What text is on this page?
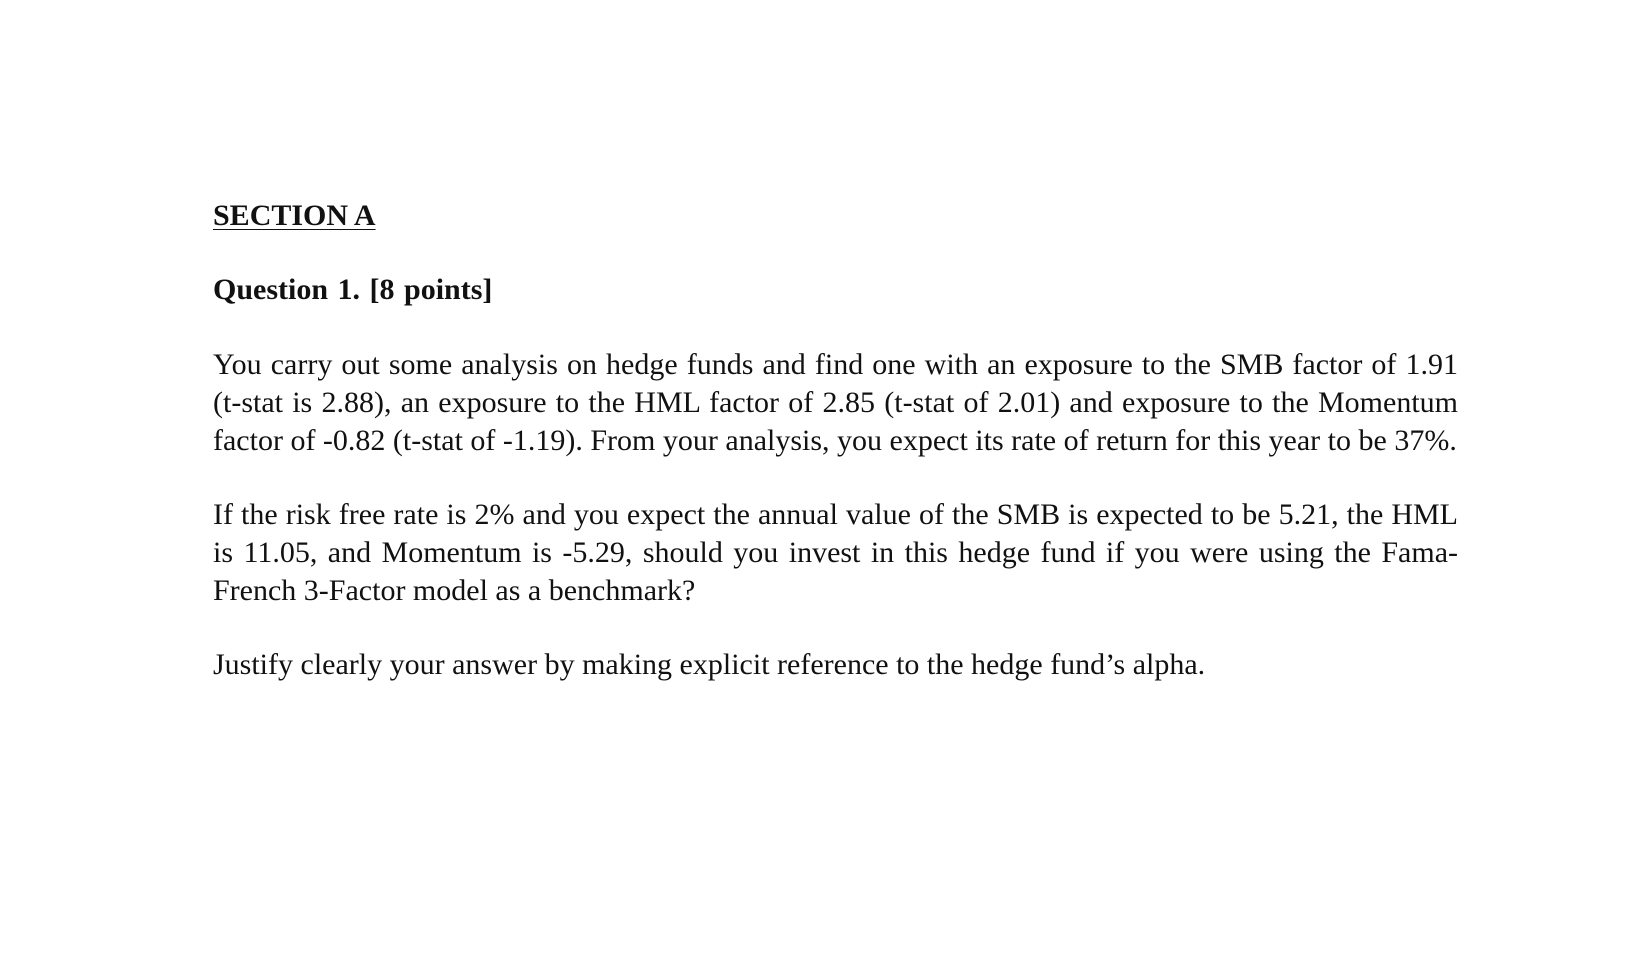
SECTION A
Question 1. [8 points]

You carry out some analysis on hedge funds and find one with an exposure to the SMB factor of 1.91 (t-stat is 2.88), an exposure to the HML factor of 2.85 (t-stat of 2.01) and exposure to the Momentum factor of -0.82 (t-stat of -1.19). From your analysis, you expect its rate of return for this year to be 37%.

If the risk free rate is 2% and you expect the annual value of the SMB is expected to be 5.21, the HML is 11.05, and Momentum is -5.29, should you invest in this hedge fund if you were using the Fama-French 3-Factor model as a benchmark?

Justify clearly your answer by making explicit reference to the hedge fund’s alpha.
